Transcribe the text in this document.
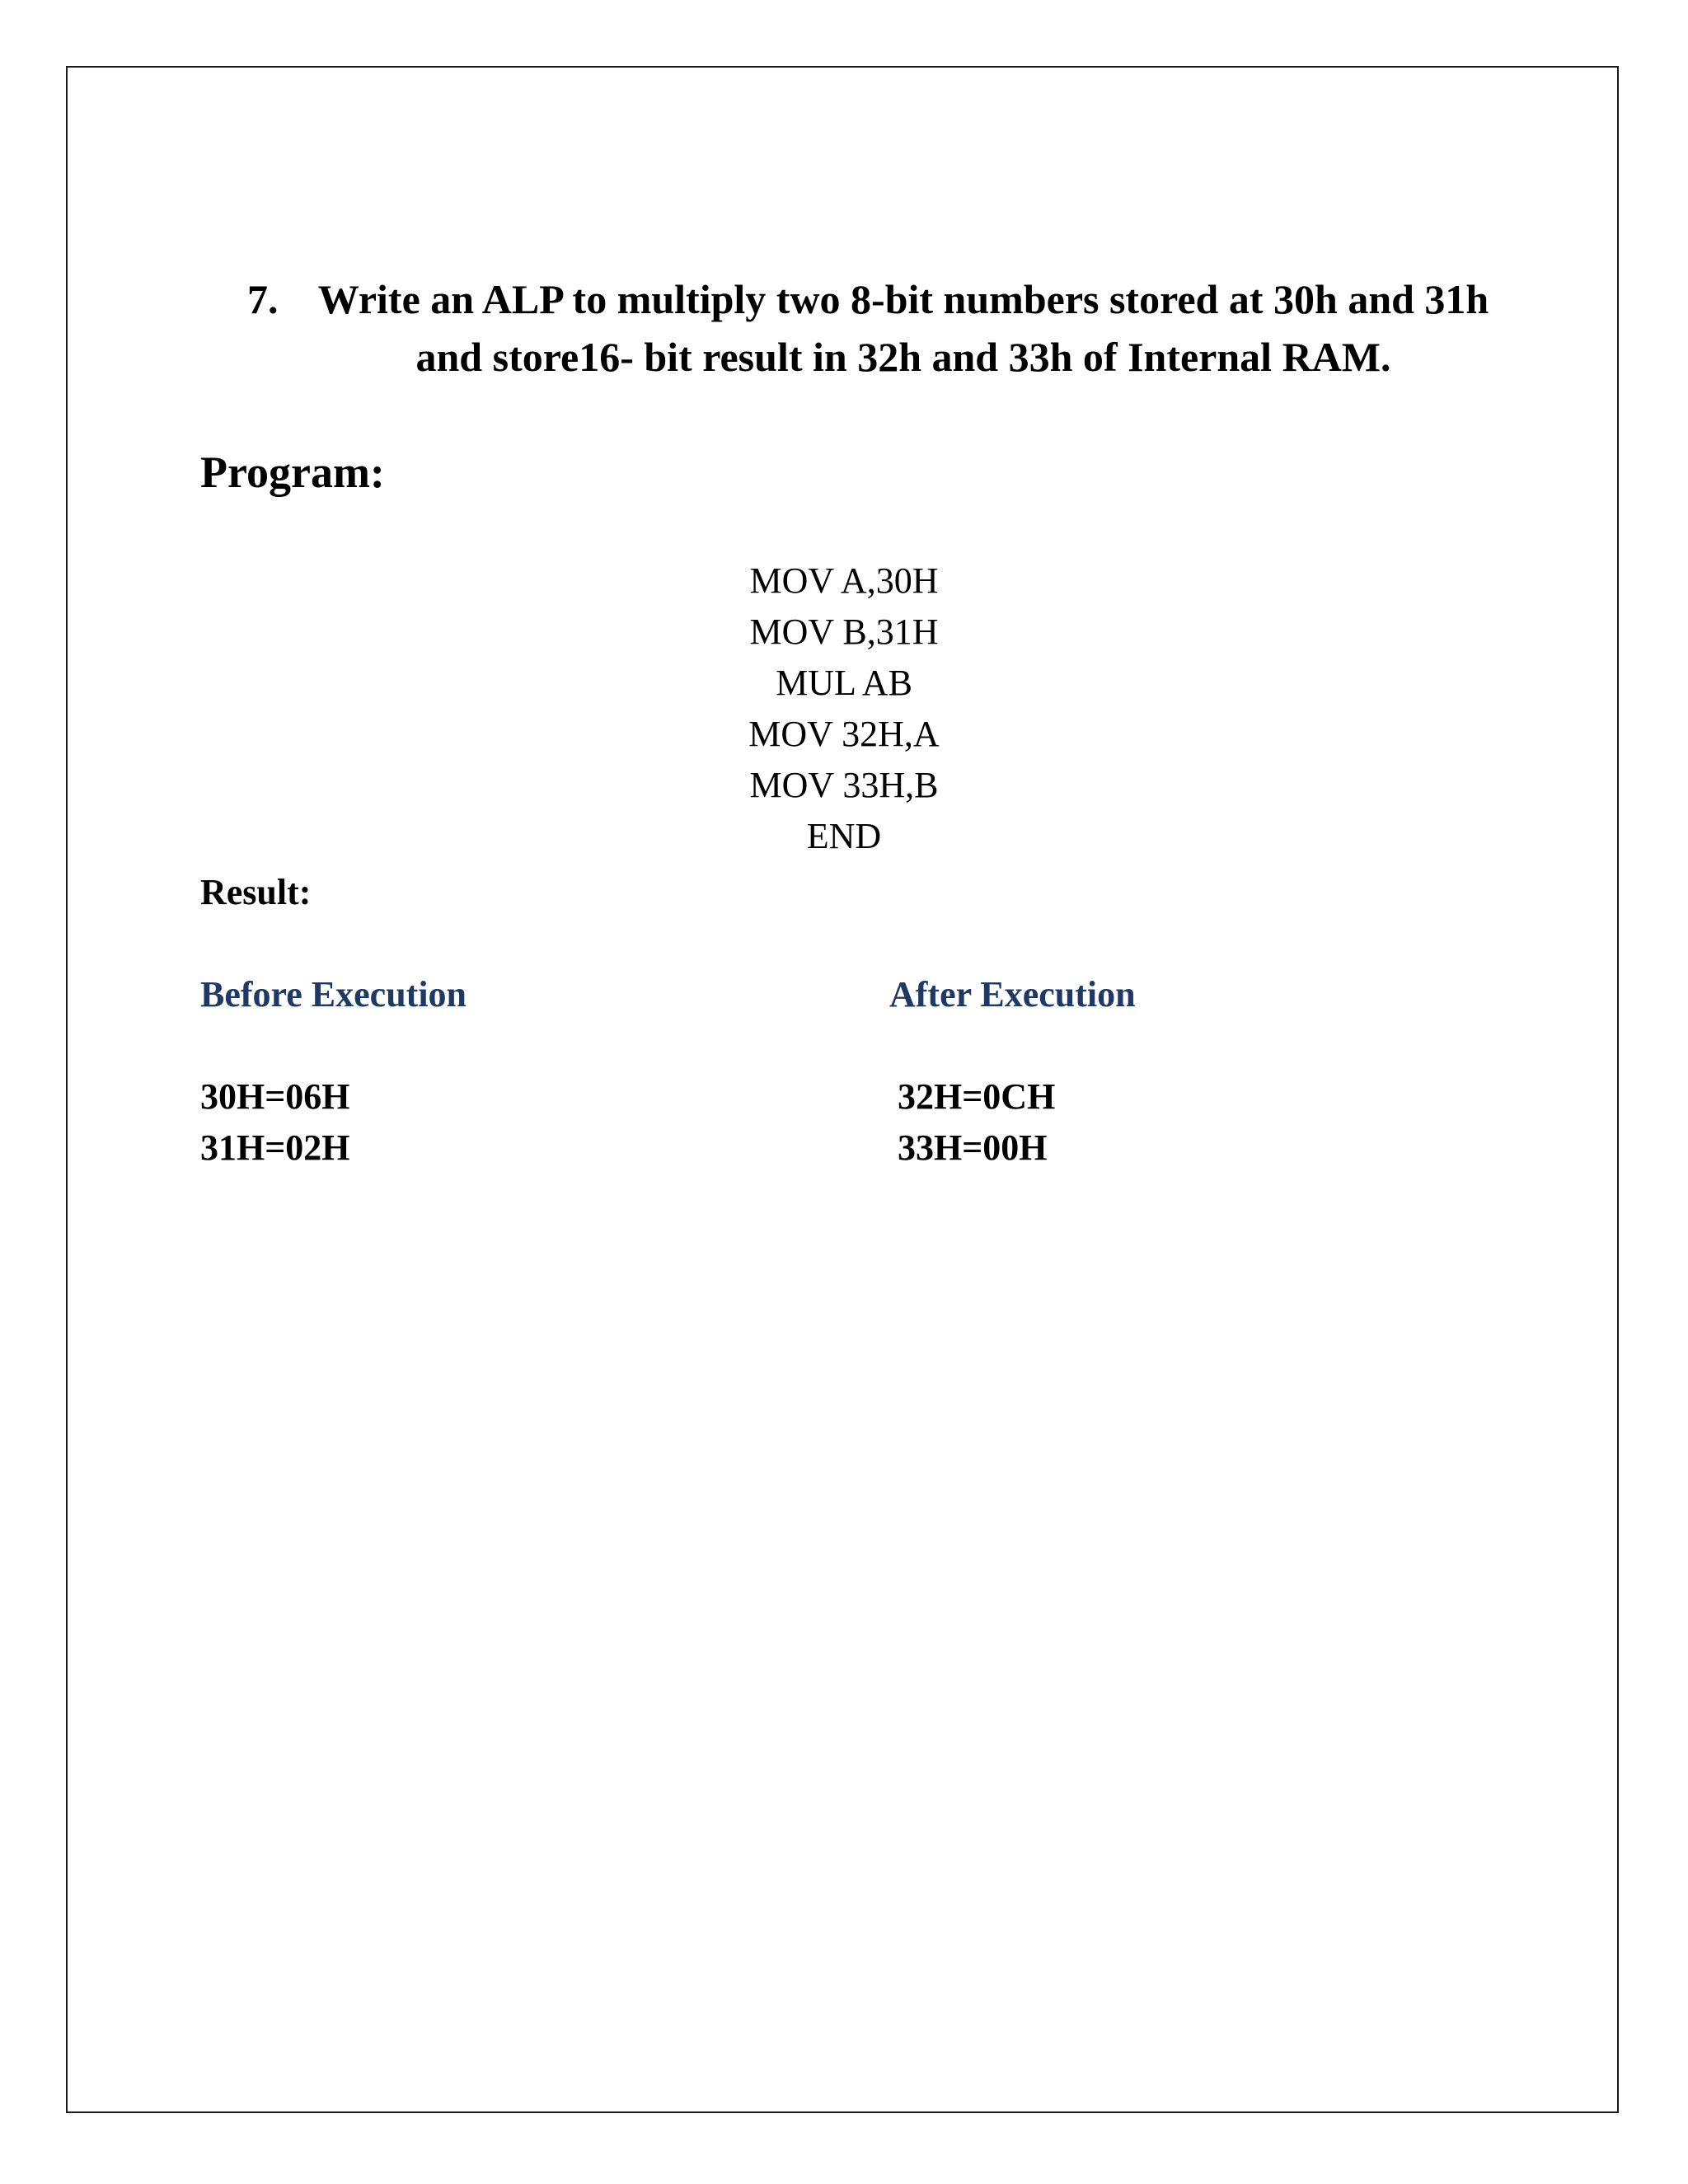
7. Write an ALP to multiply two 8-bit numbers stored at 30h and 31h and store16- bit result in 32h and 33h of Internal RAM.
Program:
MOV A,30H
MOV B,31H
MUL AB
MOV 32H,A
MOV 33H,B
END
Result:
Before Execution	After Execution
30H=06H
31H=02H
32H=0CH
33H=00H
